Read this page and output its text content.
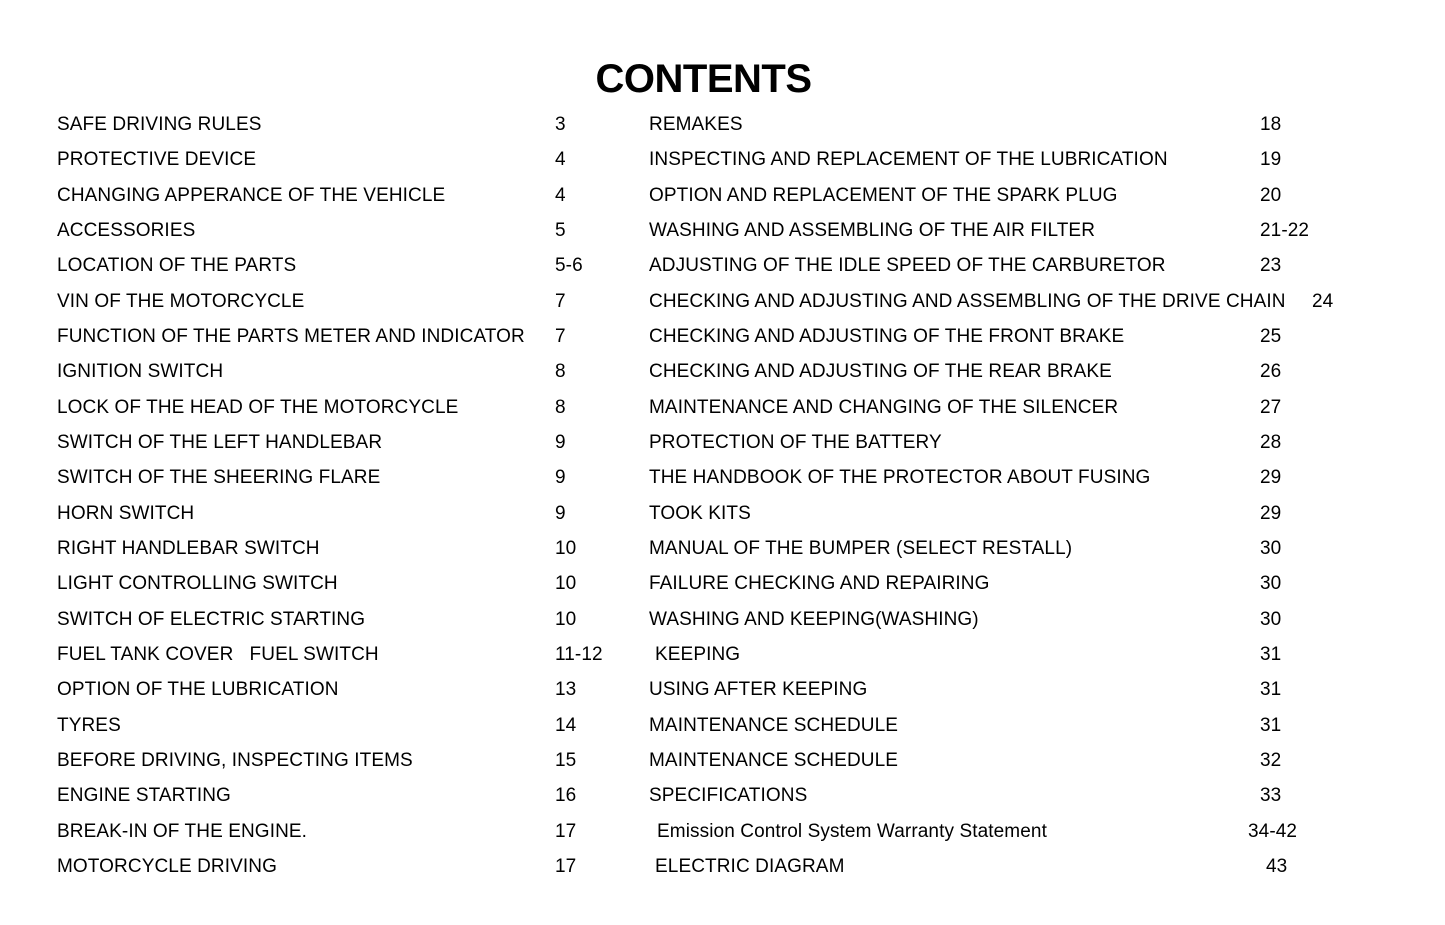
CONTENTS
SAFE DRIVING RULES	3
PROTECTIVE DEVICE	4
CHANGING APPERANCE OF THE VEHICLE	4
ACCESSORIES	5
LOCATION OF THE PARTS	5-6
VIN OF THE MOTORCYCLE	7
FUNCTION OF THE PARTS METER AND INDICATOR 7
IGNITION SWITCH	8
LOCK OF THE HEAD OF THE MOTORCYCLE	8
SWITCH OF THE LEFT HANDLEBAR	9
SWITCH OF THE SHEERING FLARE	9
HORN SWITCH	9
RIGHT HANDLEBAR SWITCH	10
LIGHT CONTROLLING SWITCH	10
SWITCH OF ELECTRIC STARTING	10
FUEL TANK COVER   FUEL SWITCH	11-12
OPTION OF THE LUBRICATION	13
TYRES	14
BEFORE DRIVING, INSPECTING ITEMS	15
ENGINE STARTING	16
BREAK-IN OF THE ENGINE.	17
MOTORCYCLE DRIVING	17
REMAKES	18
INSPECTING AND REPLACEMENT OF THE LUBRICATION	19
OPTION AND REPLACEMENT OF THE SPARK PLUG	20
WASHING AND ASSEMBLING OF THE AIR FILTER	21-22
ADJUSTING OF THE IDLE SPEED OF THE CARBURETOR	23
CHECKING AND ADJUSTING AND ASSEMBLING OF THE DRIVE CHAIN 24
CHECKING AND ADJUSTING OF THE FRONT BRAKE	25
CHECKING AND ADJUSTING OF THE REAR BRAKE	26
MAINTENANCE AND CHANGING OF THE SILENCER	27
PROTECTION OF THE BATTERY	28
THE HANDBOOK OF THE PROTECTOR ABOUT FUSING	29
TOOK KITS	29
MANUAL OF THE BUMPER (SELECT RESTALL)	30
FAILURE CHECKING AND REPAIRING	30
WASHING AND KEEPING(WASHING)	30
KEEPING	31
USING AFTER KEEPING	31
MAINTENANCE SCHEDULE	31
MAINTENANCE SCHEDULE	32
SPECIFICATIONS	33
Emission Control System Warranty Statement	34-42
ELECTRIC DIAGRAM	43
